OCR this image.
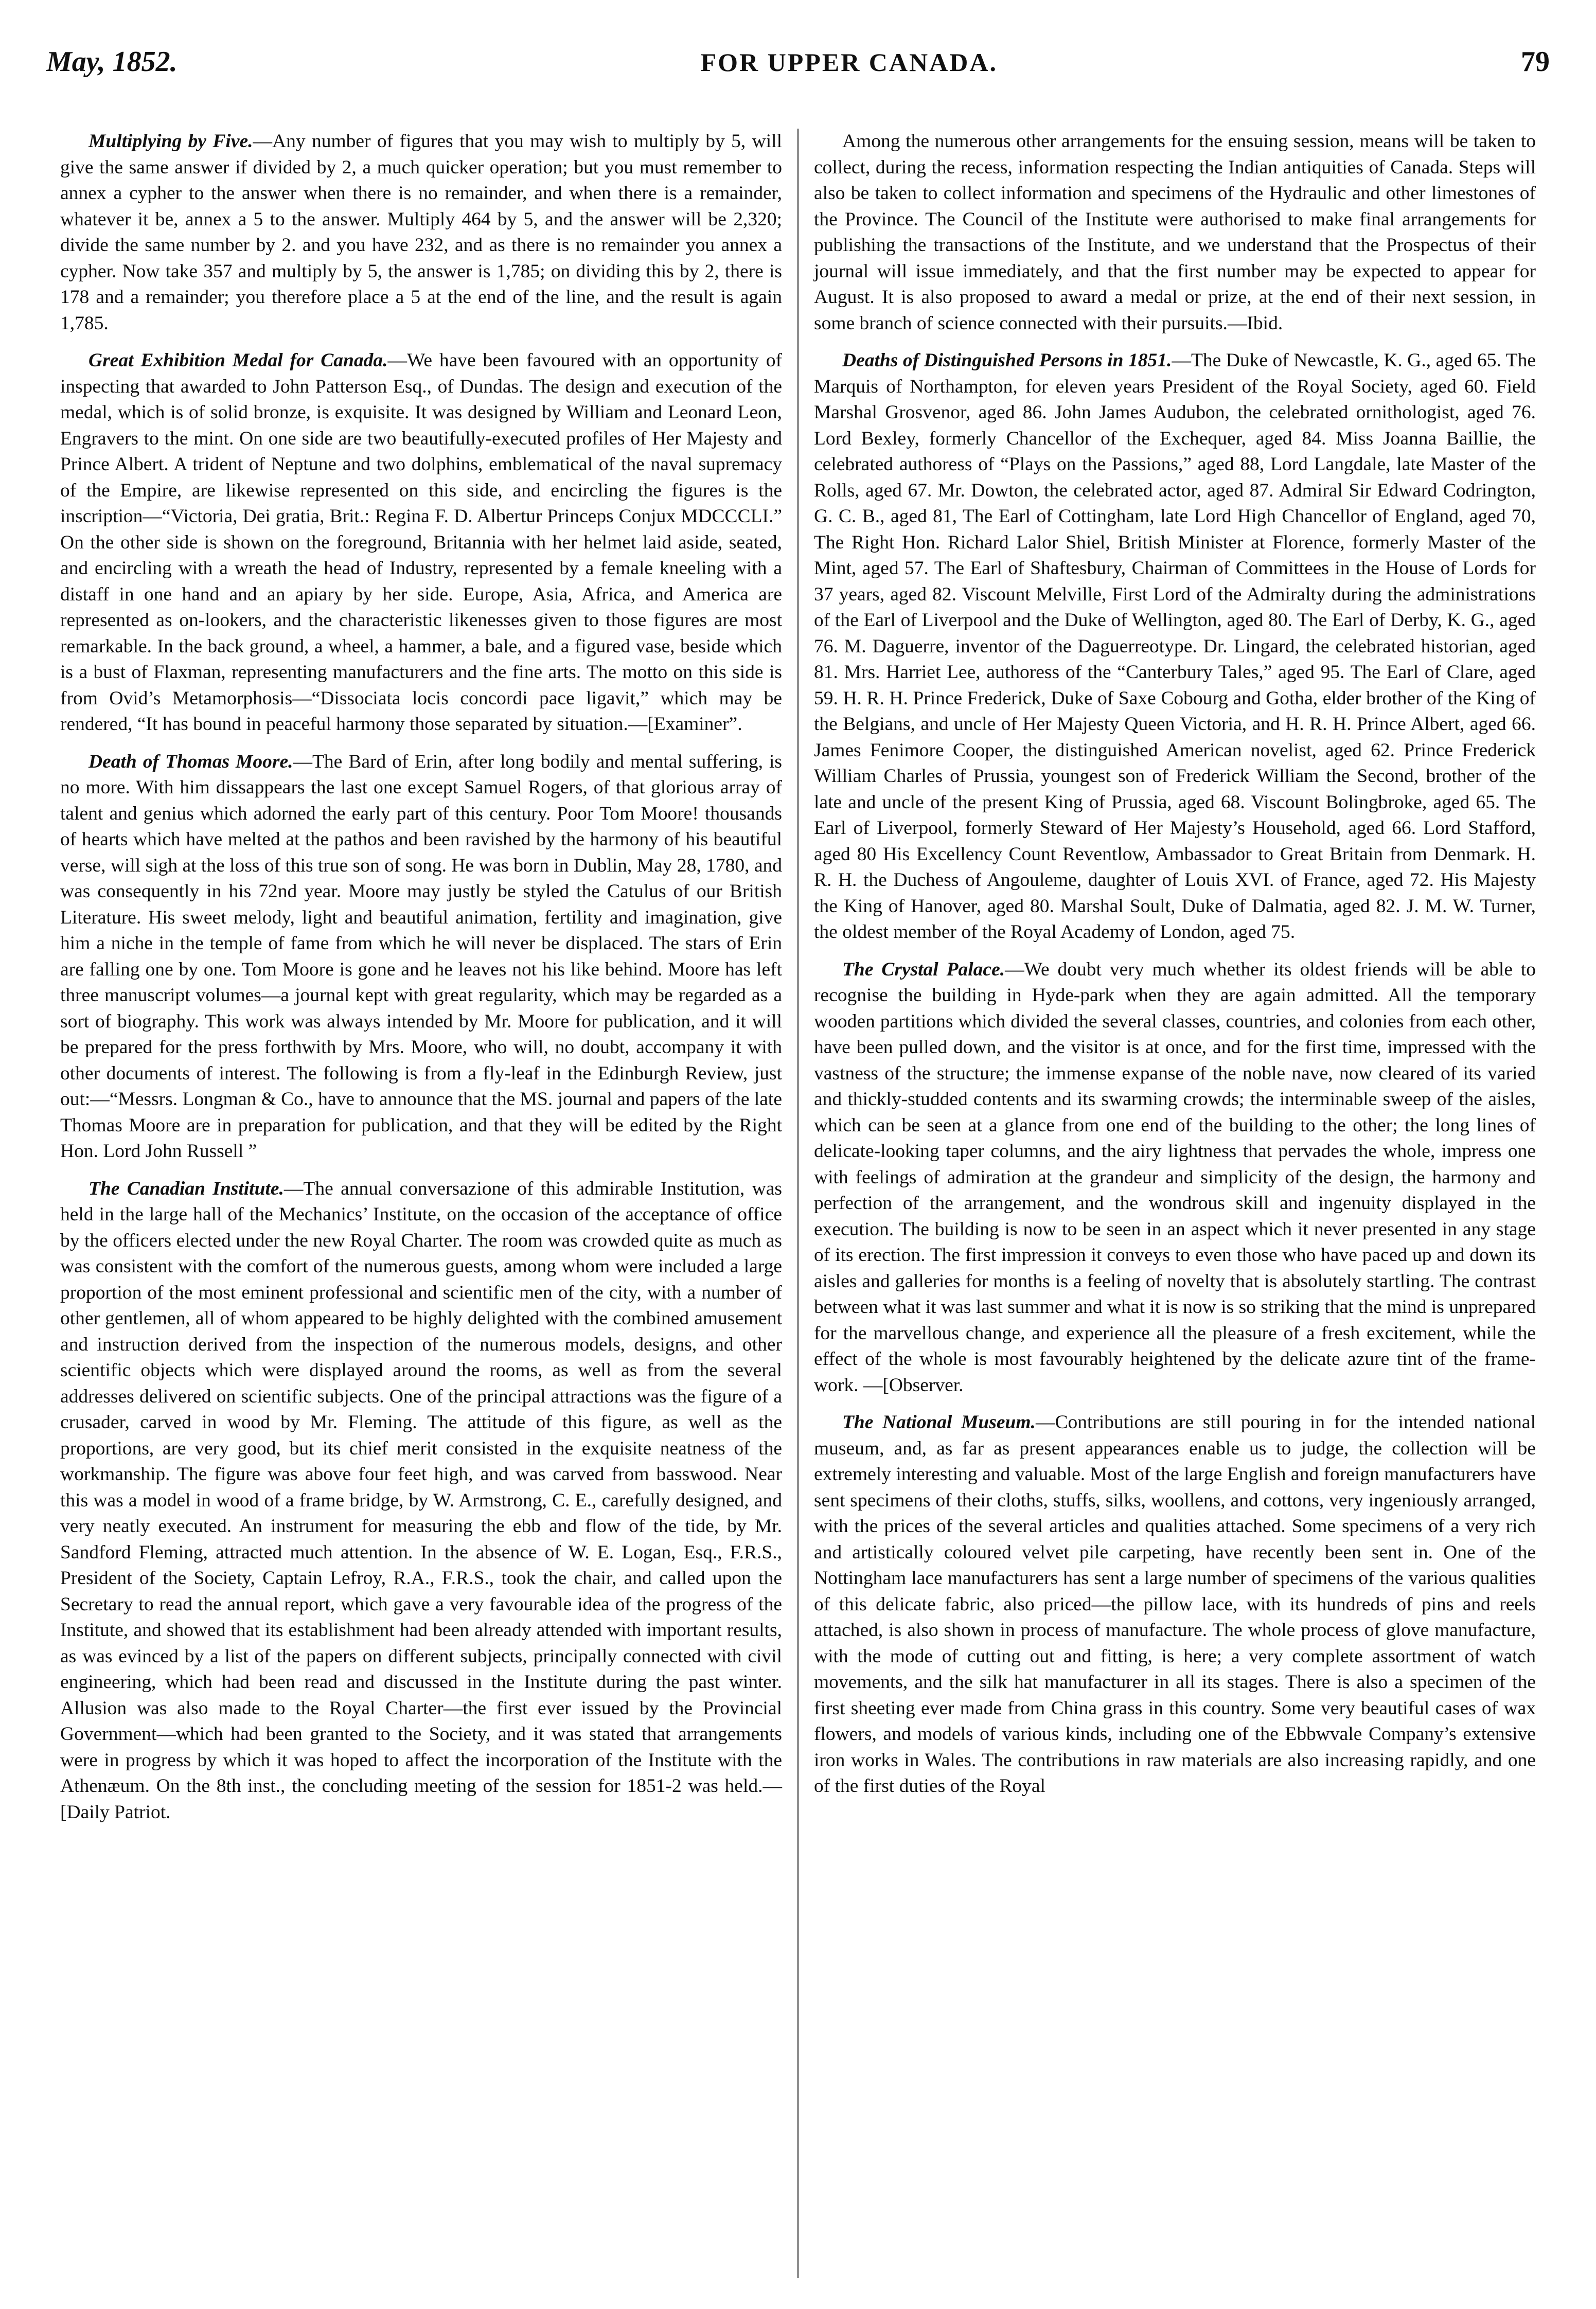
May, 1852.	FOR UPPER CANADA.	79

Multiplying by Five.—Any number of figures that you may wish to multiply by 5, will give the same answer if divided by 2, a much quicker operation; but you must remember to annex a cypher to the answer when there is no remainder, and when there is a remainder, whatever it be, annex a 5 to the answer. Multiply 464 by 5, and the answer will be 2,320; divide the same number by 2. and you have 232, and as there is no remainder you annex a cypher. Now take 357 and multiply by 5, the answer is 1,785; on dividing this by 2, there is 178 and a remainder; you therefore place a 5 at the end of the line, and the result is again 1,785.

Great Exhibition Medal for Canada.—We have been favoured with an opportunity of inspecting that awarded to John Patterson Esq., of Dundas. The design and execution of the medal, which is of solid bronze, is exquisite. It was designed by William and Leonard Leon, Engravers to the mint. On one side are two beautifully-executed profiles of Her Majesty and Prince Albert. A trident of Neptune and two dolphins, emblematical of the naval supremacy of the Empire, are likewise represented on this side, and encircling the figures is the inscription—“Victoria, Dei gratia, Brit.: Regina F. D. Albertur Princeps Conjux MDCCCLI.” On the other side is shown on the foreground, Britannia with her helmet laid aside, seated, and encircling with a wreath the head of Industry, represented by a female kneeling with a distaff in one hand and an apiary by her side. Europe, Asia, Africa, and America are represented as on-lookers, and the characteristic likenesses given to those figures are most remarkable. In the back ground, a wheel, a hammer, a bale, and a figured vase, beside which is a bust of Flaxman, representing manufacturers and the fine arts. The motto on this side is from Ovid’s Metamorphosis—“Dissociata locis concordi pace ligavit,” which may be rendered, “It has bound in peaceful harmony those separated by situation.—[Examiner”.

Death of Thomas Moore.—The Bard of Erin, after long bodily and mental suffering, is no more. With him dissappears the last one except Samuel Rogers, of that glorious array of talent and genius which adorned the early part of this century. Poor Tom Moore! thousands of hearts which have melted at the pathos and been ravished by the harmony of his beautiful verse, will sigh at the loss of this true son of song. He was born in Dublin, May 28, 1780, and was consequently in his 72nd year. Moore may justly be styled the Catulus of our British Literature. His sweet melody, light and beautiful animation, fertility and imagination, give him a niche in the temple of fame from which he will never be displaced. The stars of Erin are falling one by one. Tom Moore is gone and he leaves not his like behind. Moore has left three manuscript volumes—a journal kept with great regularity, which may be regarded as a sort of biography. This work was always intended by Mr. Moore for publication, and it will be prepared for the press forthwith by Mrs. Moore, who will, no doubt, accompany it with other documents of interest. The following is from a fly-leaf in the Edinburgh Review, just out:—“Messrs. Longman & Co., have to announce that the MS. journal and papers of the late Thomas Moore are in preparation for publication, and that they will be edited by the Right Hon. Lord John Russell ”

The Canadian Institute.—The annual conversazione of this admirable Institution, was held in the large hall of the Mechanics’ Institute, on the occasion of the acceptance of office by the officers elected under the new Royal Charter. The room was crowded quite as much as was consistent with the comfort of the numerous guests, among whom were included a large proportion of the most eminent professional and scientific men of the city, with a number of other gentlemen, all of whom appeared to be highly delighted with the combined amusement and instruction derived from the inspection of the numerous models, designs, and other scientific objects which were displayed around the rooms, as well as from the several addresses delivered on scientific subjects. One of the principal attractions was the figure of a crusader, carved in wood by Mr. Fleming. The attitude of this figure, as well as the proportions, are very good, but its chief merit consisted in the exquisite neatness of the workmanship. The figure was above four feet high, and was carved from basswood. Near this was a model in wood of a frame bridge, by W. Armstrong, C. E., carefully designed, and very neatly executed. An instrument for measuring the ebb and flow of the tide, by Mr. Sandford Fleming, attracted much attention. In the absence of W. E. Logan, Esq., F.R.S., President of the Society, Captain Lefroy, R.A., F.R.S., took the chair, and called upon the Secretary to read the annual report, which gave a very favourable idea of the progress of the Institute, and showed that its establishment had been already attended with important results, as was evinced by a list of the papers on different subjects, principally connected with civil engineering, which had been read and discussed in the Institute during the past winter. Allusion was also made to the Royal Charter—the first ever issued by the Provincial Government—which had been granted to the Society, and it was stated that arrangements were in progress by which it was hoped to affect the incorporation of the Institute with the Athenæum. On the 8th inst., the concluding meeting of the session for 1851-2 was held.—[Daily Patriot.

Among the numerous other arrangements for the ensuing session, means will be taken to collect, during the recess, information respecting the Indian antiquities of Canada. Steps will also be taken to collect information and specimens of the Hydraulic and other limestones of the Province. The Council of the Institute were authorised to make final arrangements for publishing the transactions of the Institute, and we understand that the Prospectus of their journal will issue immediately, and that the first number may be expected to appear for August. It is also proposed to award a medal or prize, at the end of their next session, in some branch of science connected with their pursuits.—Ibid.

Deaths of Distinguished Persons in 1851.—The Duke of Newcastle, K. G., aged 65. The Marquis of Northampton, for eleven years President of the Royal Society, aged 60. Field Marshal Grosvenor, aged 86. John James Audubon, the celebrated ornithologist, aged 76. Lord Bexley, formerly Chancellor of the Exchequer, aged 84. Miss Joanna Baillie, the celebrated authoress of “Plays on the Passions,” aged 88, Lord Langdale, late Master of the Rolls, aged 67. Mr. Dowton, the celebrated actor, aged 87. Admiral Sir Edward Codrington, G. C. B., aged 81, The Earl of Cottingham, late Lord High Chancellor of England, aged 70, The Right Hon. Richard Lalor Shiel, British Minister at Florence, formerly Master of the Mint, aged 57. The Earl of Shaftesbury, Chairman of Committees in the House of Lords for 37 years, aged 82. Viscount Melville, First Lord of the Admiralty during the administrations of the Earl of Liverpool and the Duke of Wellington, aged 80. The Earl of Derby, K. G., aged 76. M. Daguerre, inventor of the Daguerreotype. Dr. Lingard, the celebrated historian, aged 81. Mrs. Harriet Lee, authoress of the “Canterbury Tales,” aged 95. The Earl of Clare, aged 59. H. R. H. Prince Frederick, Duke of Saxe Cobourg and Gotha, elder brother of the King of the Belgians, and uncle of Her Majesty Queen Victoria, and H. R. H. Prince Albert, aged 66. James Fenimore Cooper, the distinguished American novelist, aged 62. Prince Frederick William Charles of Prussia, youngest son of Frederick William the Second, brother of the late and uncle of the present King of Prussia, aged 68. Viscount Bolingbroke, aged 65. The Earl of Liverpool, formerly Steward of Her Majesty’s Household, aged 66. Lord Stafford, aged 80 His Excellency Count Reventlow, Ambassador to Great Britain from Denmark. H. R. H. the Duchess of Angouleme, daughter of Louis XVI. of France, aged 72. His Majesty the King of Hanover, aged 80. Marshal Soult, Duke of Dalmatia, aged 82. J. M. W. Turner, the oldest member of the Royal Academy of London, aged 75.

The Crystal Palace.—We doubt very much whether its oldest friends will be able to recognise the building in Hyde-park when they are again admitted. All the temporary wooden partitions which divided the several classes, countries, and colonies from each other, have been pulled down, and the visitor is at once, and for the first time, impressed with the vastness of the structure; the immense expanse of the noble nave, now cleared of its varied and thickly-studded contents and its swarming crowds; the interminable sweep of the aisles, which can be seen at a glance from one end of the building to the other; the long lines of delicate-looking taper columns, and the airy lightness that pervades the whole, impress one with feelings of admiration at the grandeur and simplicity of the design, the harmony and perfection of the arrangement, and the wondrous skill and ingenuity displayed in the execution. The building is now to be seen in an aspect which it never presented in any stage of its erection. The first impression it conveys to even those who have paced up and down its aisles and galleries for months is a feeling of novelty that is absolutely startling. The contrast between what it was last summer and what it is now is so striking that the mind is unprepared for the marvellous change, and experience all the pleasure of a fresh excitement, while the effect of the whole is most favourably heightened by the delicate azure tint of the frame-work. —[Observer.

The National Museum.—Contributions are still pouring in for the intended national museum, and, as far as present appearances enable us to judge, the collection will be extremely interesting and valuable. Most of the large English and foreign manufacturers have sent specimens of their cloths, stuffs, silks, woollens, and cottons, very ingeniously arranged, with the prices of the several articles and qualities attached. Some specimens of a very rich and artistically coloured velvet pile carpeting, have recently been sent in. One of the Nottingham lace manufacturers has sent a large number of specimens of the various qualities of this delicate fabric, also priced—the pillow lace, with its hundreds of pins and reels attached, is also shown in process of manufacture. The whole process of glove manufacture, with the mode of cutting out and fitting, is here; a very complete assortment of watch movements, and the silk hat manufacturer in all its stages. There is also a specimen of the first sheeting ever made from China grass in this country. Some very beautiful cases of wax flowers, and models of various kinds, including one of the Ebbwvale Company’s extensive iron works in Wales. The contributions in raw materials are also increasing rapidly, and one of the first duties of the Royal
